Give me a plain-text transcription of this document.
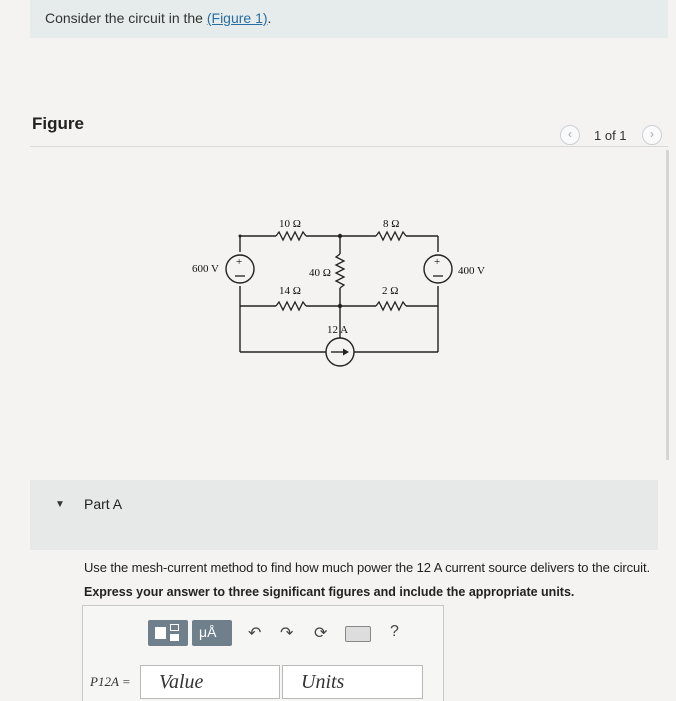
Consider the circuit in the (Figure 1).
Figure
‹	1 of 1	›
+	+
10 Ω	8 Ω
40 Ω
14 Ω	2 Ω
600 V	400 V
12 A
▼ Part A
Use the mesh-current method to find how much power the 12 A current source delivers to the circuit.
Express your answer to three significant figures and include the appropriate units.
μÅ ↶ ↷ ⟳	?
P12A =
Value
Units
